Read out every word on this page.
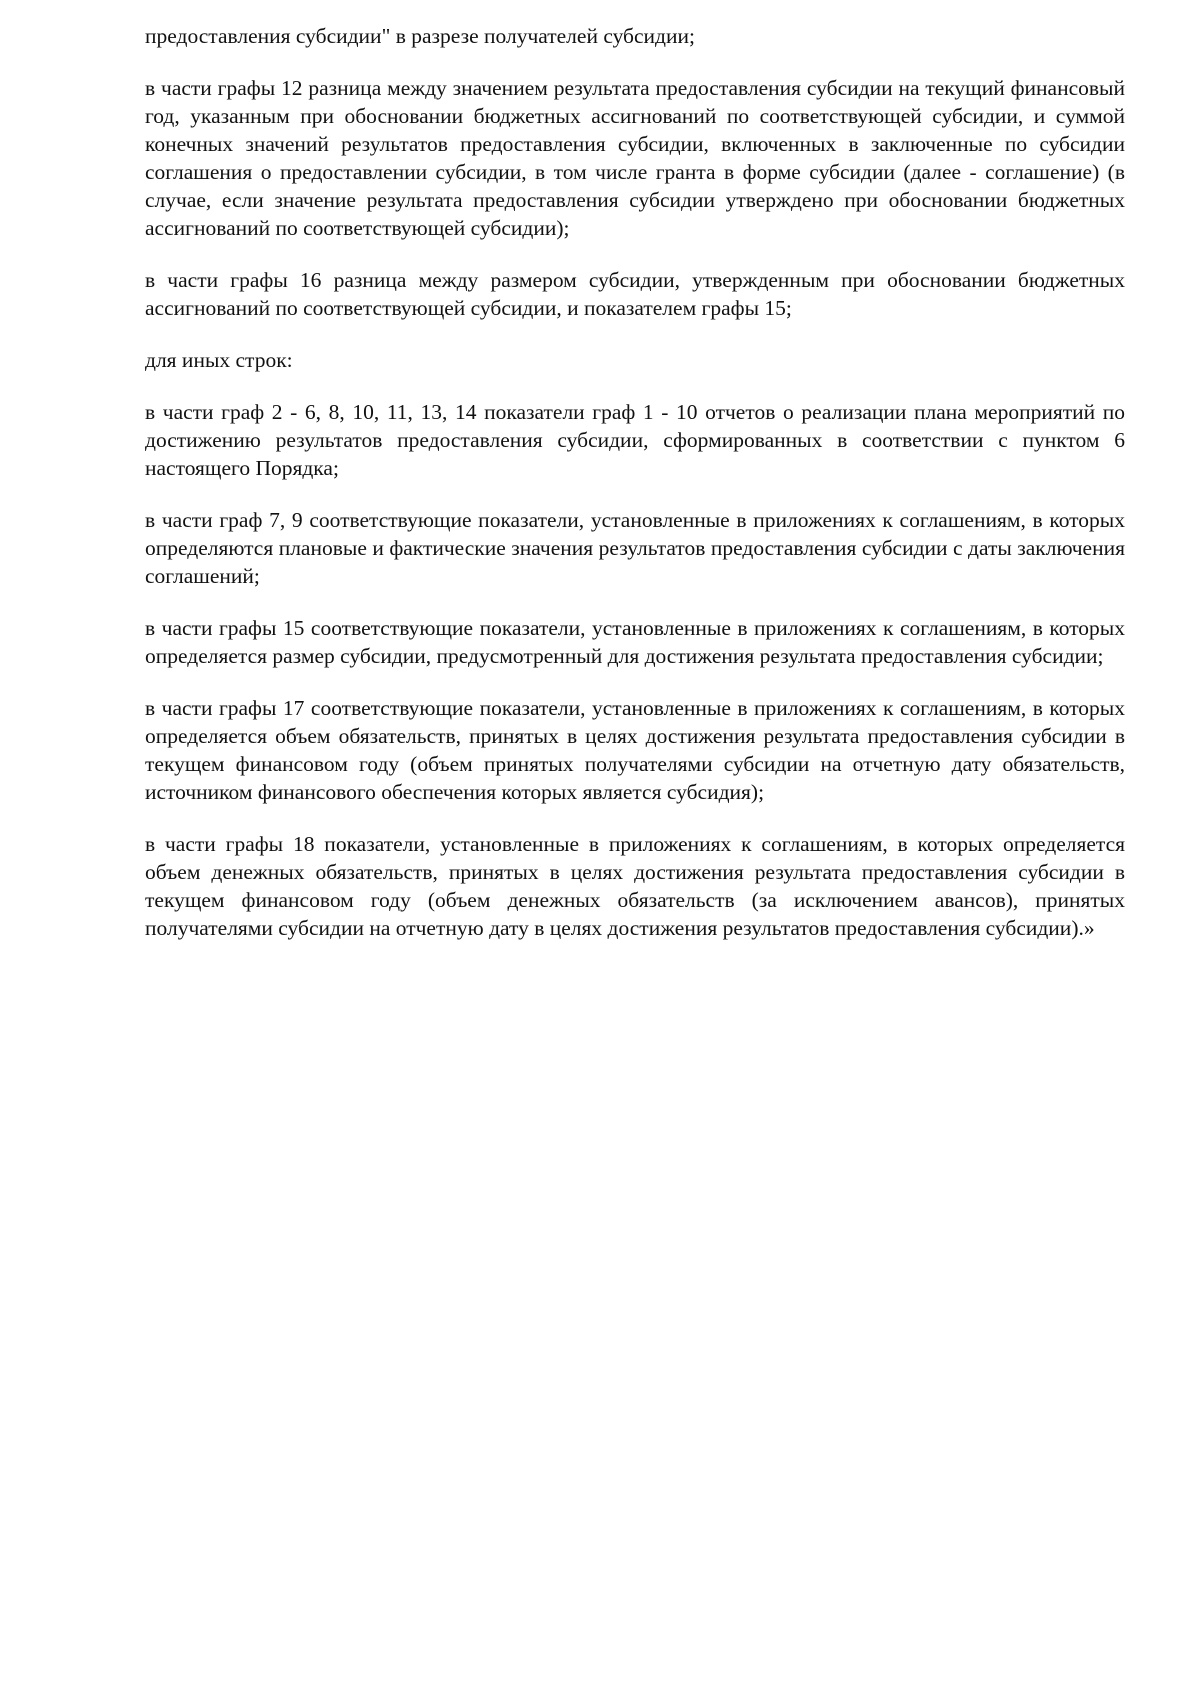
предоставления субсидии" в разрезе получателей субсидии;

в части графы 12 разница между значением результата предоставления субсидии на текущий финансовый год, указанным при обосновании бюджетных ассигнований по соответствующей субсидии, и суммой конечных значений результатов предоставления субсидии, включенных в заключенные по субсидии соглашения о предоставлении субсидии, в том числе гранта в форме субсидии (далее - соглашение) (в случае, если значение результата предоставления субсидии утверждено при обосновании бюджетных ассигнований по соответствующей субсидии);

в части графы 16 разница между размером субсидии, утвержденным при обосновании бюджетных ассигнований по соответствующей субсидии, и показателем графы 15;

для иных строк:

в части граф 2 - 6, 8, 10, 11, 13, 14 показатели граф 1 - 10 отчетов о реализации плана мероприятий по достижению результатов предоставления субсидии, сформированных в соответствии с пунктом 6 настоящего Порядка;

в части граф 7, 9 соответствующие показатели, установленные в приложениях к соглашениям, в которых определяются плановые и фактические значения результатов предоставления субсидии с даты заключения соглашений;

в части графы 15 соответствующие показатели, установленные в приложениях к соглашениям, в которых определяется размер субсидии, предусмотренный для достижения результата предоставления субсидии;

в части графы 17 соответствующие показатели, установленные в приложениях к соглашениям, в которых определяется объем обязательств, принятых в целях достижения результата предоставления субсидии в текущем финансовом году (объем принятых получателями субсидии на отчетную дату обязательств, источником финансового обеспечения которых является субсидия);

в части графы 18 показатели, установленные в приложениях к соглашениям, в которых определяется объем денежных обязательств, принятых в целях достижения результата предоставления субсидии в текущем финансовом году (объем денежных обязательств (за исключением авансов), принятых получателями субсидии на отчетную дату в целях достижения результатов предоставления субсидии).»
